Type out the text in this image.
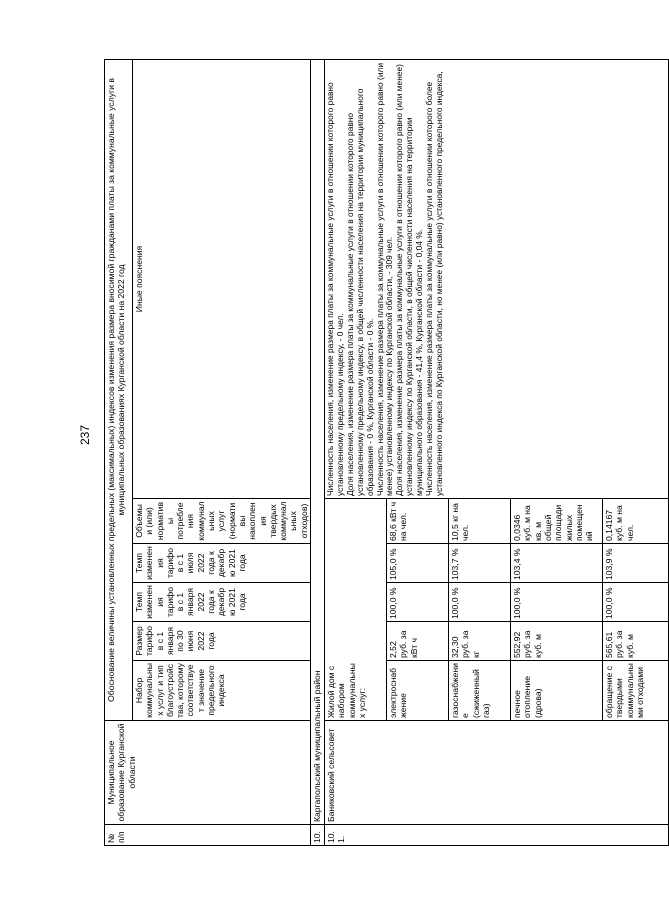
237
№
п/п	Муниципальное образование Курганской области	Обоснование величины установленных предельных (максимальных) индексов изменения размера вносимой гражданами платы за коммунальные услуги в муниципальных образованиях Курганской области на 2022 год					
		Набор коммунальных услуг и тип благоустройства, которому соответствует значение предельного индекса	Размер тарифов с 1 января по 30 июня 2022 года	Темп изменения тарифов с 1 января 2022 года к декабрю 2021 года	Темп изменения тарифов с 1 июля 2022 года к декабрю 2021 года	Объемы и (или) нормативы потребления коммунальных услуг (нормативы накопления твердых коммунальных отходов)	Иные пояснения
10.	Каргапольский муниципальный район						
10.1.	Баниковский сельсовет	Жилой дом с набором коммунальных услуг:					Численность населения, изменение размера платы за коммунальные услуги в отношении которого равно установленному предельному индексу, - 0 чел.
Доля населения, изменение размера платы за коммунальные услуги в отношении которого равно установленному предельному индексу, в общей численности населения на территории муниципального образования - 0 %, Курганской области - 0 %.
Численность населения, изменение размера платы за коммунальные услуги в отношении которого равно (или менее) установленному индексу по Курганской области, - 309 чел.
Доля населения, изменение размера платы за коммунальные услуги в отношении которого равно (или менее) установленному индексу по Курганской области, в общей численности населения на территории муниципального образования - 41,4 %, Курганской области - 0,04 %.
Численность населения, изменение размера платы за коммунальные услуги в отношении которого более установленного индекса по Курганской области, но менее (или равно) установленного предельного индекса,
		электроснабжение	2,52 руб. за кВт ч	100,0 %	105,0 %	68,6 кВт ч на чел.	
		газоснабжение (сжиженный газ)	32,30 руб. за кг	100,0 %	103,7 %	10,5 кг на чел.	
		печное отопление (дрова)	552,92 руб. за куб. м	100,0 %	103,4 %	0,0346 куб. м на кв. м общей площади жилых помещений	
		обращение с твердыми коммунальными отходами	565,61 руб. за куб. м	100,0 %	103,9 %	0,14167 куб. м на чел.	
